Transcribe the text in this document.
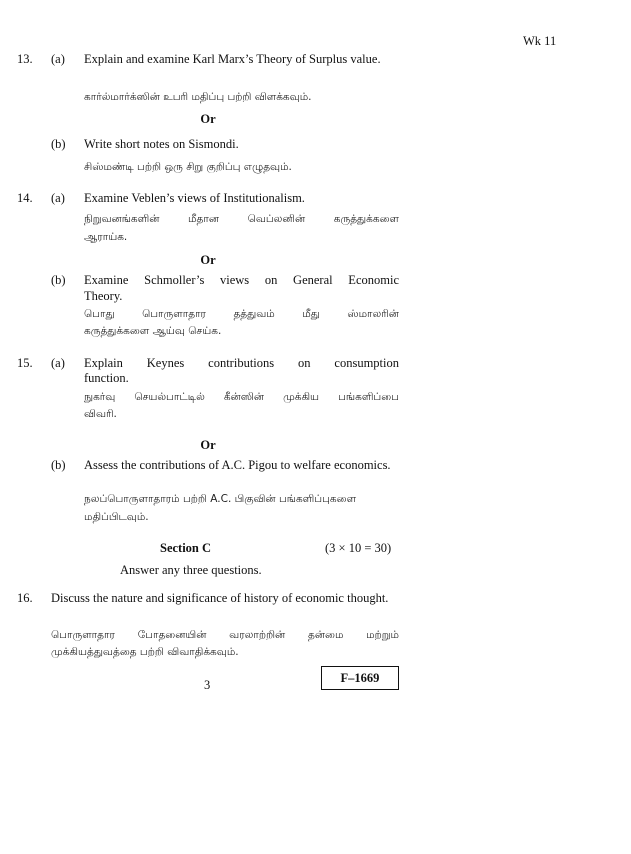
Wk 11
13. (a) Explain and examine Karl Marx’s Theory of Surplus value.
கார்ல்மார்க்ஸின் உபரி மதிப்பு பற்றி விளக்கவும்.
Or
(b) Write short notes on Sismondi.
சிஸ்மண்டி பற்றி ஒரு சிறு குறிப்பு எழுதவும்.
14. (a) Examine Veblen’s views of Institutionalism.
நிறுவனங்களின் மீதான வெப்லனின் கருத்துக்களை
ஆராய்க.
Or
(b) Examine Schmoller’s views on General Economic
Theory.
பொது பொருளாதார தத்துவம் மீது ஸ்மாலரின்
கருத்துக்களை ஆய்வு செய்க.
15. (a) Explain Keynes contributions on consumption
function.
நுகர்வு செயல்பாட்டில் கீன்ஸின் முக்கிய பங்களிப்பை
விவரி.
Or
(b) Assess the contributions of A.C. Pigou to welfare economics.
நலப்பொருளாதாரம் பற்றி A.C. பிகுவின் பங்களிப்புகளை
மதிப்பிடவும்.
Section C	(3 × 10 = 30)
Answer any three questions.
16. Discuss the nature and significance of history of economic thought.
பொருளாதார போதனையின் வரலாற்றின் தன்மை மற்றும்
முக்கியத்துவத்தை பற்றி விவாதிக்கவும்.
3	F–1669
